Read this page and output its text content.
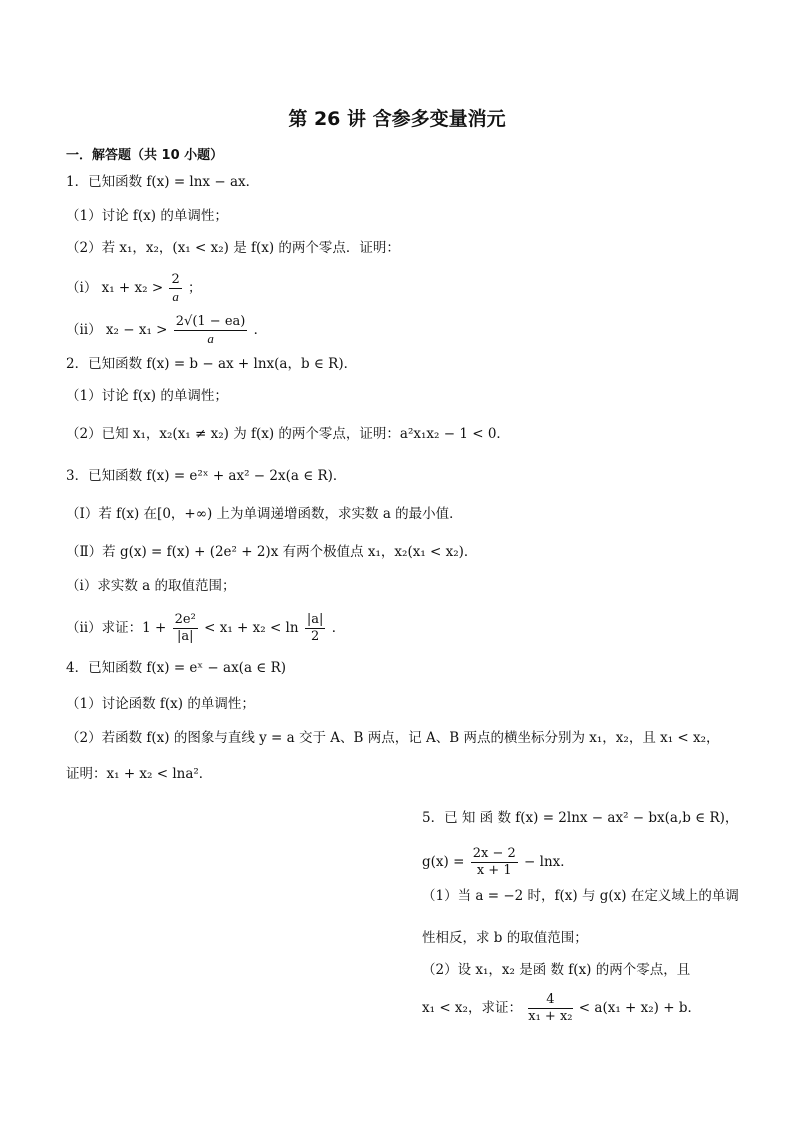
第 26 讲 含参多变量消元
一．解答题（共 10 小题）
1．已知函数 f(x) = lnx − ax．
（1）讨论 f(x) 的单调性；
（2）若 x₁，x₂，(x₁ < x₂) 是 f(x) 的两个零点．证明：
（ⅰ） $x_1 + x_2 > \frac{2}{a}$ ；
（ⅱ） $x_2 - x_1 > \frac{2√(1 - ea)}{a}$ ．
2．已知函数 f(x) = b − ax + lnx(a，b ∈ R)．
（1）讨论 f(x) 的单调性；
（2）已知 x₁，x₂(x₁ ≠ x₂) 为 f(x) 的两个零点，证明：a²x₁x₂ − 1 < 0．
3．已知函数 f(x) = e²ˣ + ax² − 2x(a ∈ R)．
（Ⅰ）若 f(x) 在[0，+∞) 上为单调递增函数，求实数 a 的最小值．
（Ⅱ）若 g(x) = f(x) + (2e² + 2)x 有两个极值点 x₁，x₂(x₁ < x₂)．
（ⅰ）求实数 a 的取值范围；
（ⅱ）求证：$1 + \frac{\text{2e²}}{|a|} < x_1 + x_2 < \ln \frac{|a|}{2}$ ．
4．已知函数 f(x) = eˣ − ax(a ∈ R)
（1）讨论函数 f(x) 的单调性；
（2）若函数 f(x) 的图象与直线 y = a 交于 A、B 两点，记 A、B 两点的横坐标分别为 x₁，x₂，且 x₁ < x₂，
证明：x₁ + x₂ < lna²．
5．已 知 函 数 f(x) = 2lnx − ax² − bx(a,b ∈ R)，
$g(x) = \frac{2x - 2}{x + 1} - \ln x$．
（1）当 a = −2 时，f(x) 与 g(x) 在定义域上的单调
性相反，求 b 的取值范围；
（2）设 x₁，x₂ 是函 数 f(x) 的两个零点，且
x₁ < x₂，求证： $\frac{4}{\text{x₁ + x₂}} < a(x_1 + x_2) + b$．
